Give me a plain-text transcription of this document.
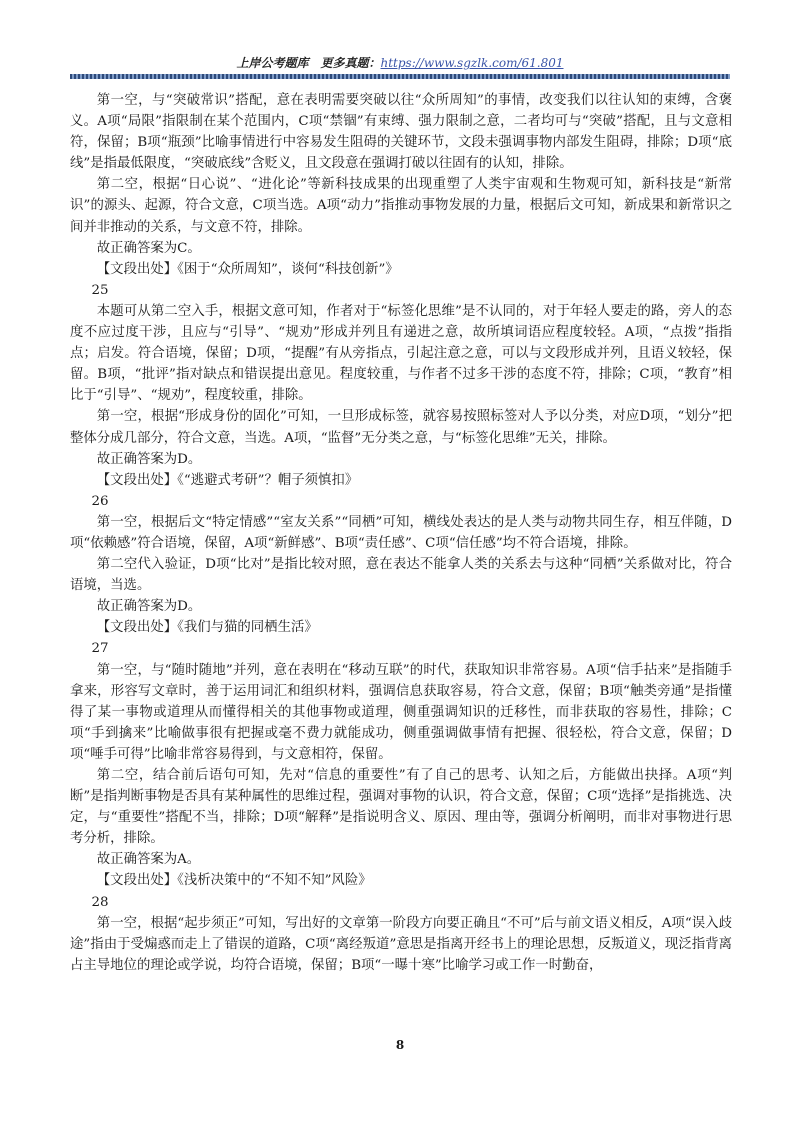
上岸公考题库　更多真题：https://www.sgzlk.com/61.801

第一空，与“突破常识”搭配，意在表明需要突破以往“众所周知”的事情，改变我们以往认知的束缚，含褒义。A项“局限”指限制在某个范围内，C项“禁锢”有束缚、强力限制之意，二者均可与“突破”搭配，且与文意相符，保留；B项“瓶颈”比喻事情进行中容易发生阻碍的关键环节，文段未强调事物内部发生阻碍，排除；D项“底线”是指最低限度，“突破底线”含贬义，且文段意在强调打破以往固有的认知，排除。

第二空，根据“日心说”、“进化论”等新科技成果的出现重塑了人类宇宙观和生物观可知，新科技是“新常识”的源头、起源，符合文意，C项当选。A项“动力”指推动事物发展的力量，根据后文可知，新成果和新常识之间并非推动的关系，与文意不符，排除。

故正确答案为C。

【文段出处】《困于“众所周知”，谈何“科技创新”》

25

本题可从第二空入手，根据文意可知，作者对于“标签化思维”是不认同的，对于年轻人要走的路，旁人的态度不应过度干涉，且应与“引导”、“规劝”形成并列且有递进之意，故所填词语应程度较轻。A项，“点拨”指指点；启发。符合语境，保留；D项，“提醒”有从旁指点，引起注意之意，可以与文段形成并列，且语义较轻，保留。B项，“批评”指对缺点和错误提出意见。程度较重，与作者不过多干涉的态度不符，排除；C项，“教育”相比于“引导”、“规劝”，程度较重，排除。

第一空，根据“形成身份的固化”可知，一旦形成标签，就容易按照标签对人予以分类，对应D项，“划分”把整体分成几部分，符合文意，当选。A项，“监督”无分类之意，与“标签化思维”无关，排除。

故正确答案为D。

【文段出处】《“逃避式考研”？帽子须慎扣》

26

第一空，根据后文“特定情感”“室友关系”“同栖”可知，横线处表达的是人类与动物共同生存，相互伴随，D项“依赖感”符合语境，保留，A项“新鲜感”、B项“责任感”、C项“信任感”均不符合语境，排除。

第二空代入验证，D项“比对”是指比较对照，意在表达不能拿人类的关系去与这种“同栖”关系做对比，符合语境，当选。

故正确答案为D。

【文段出处】《我们与猫的同栖生活》

27

第一空，与“随时随地”并列，意在表明在“移动互联”的时代，获取知识非常容易。A项“信手拈来”是指随手拿来，形容写文章时，善于运用词汇和组织材料，强调信息获取容易，符合文意，保留；B项“触类旁通”是指懂得了某一事物或道理从而懂得相关的其他事物或道理，侧重强调知识的迁移性，而非获取的容易性，排除；C项“手到擒来”比喻做事很有把握或毫不费力就能成功，侧重强调做事情有把握、很轻松，符合文意，保留；D项“唾手可得”比喻非常容易得到，与文意相符，保留。

第二空，结合前后语句可知，先对“信息的重要性”有了自己的思考、认知之后，方能做出抉择。A项“判断”是指判断事物是否具有某种属性的思维过程，强调对事物的认识，符合文意，保留；C项“选择”是指挑选、决定，与“重要性”搭配不当，排除；D项“解释”是指说明含义、原因、理由等，强调分析阐明，而非对事物进行思考分析，排除。

故正确答案为A。

【文段出处】《浅析决策中的“不知不知”风险》

28

第一空，根据“起步须正”可知，写出好的文章第一阶段方向要正确且“不可”后与前文语义相反，A项“误入歧途”指由于受煽惑而走上了错误的道路，C项“离经叛道”意思是指离开经书上的理论思想，反叛道义，现泛指背离占主导地位的理论或学说，均符合语境，保留；B项“一曝十寒”比喻学习或工作一时勤奋，

8
